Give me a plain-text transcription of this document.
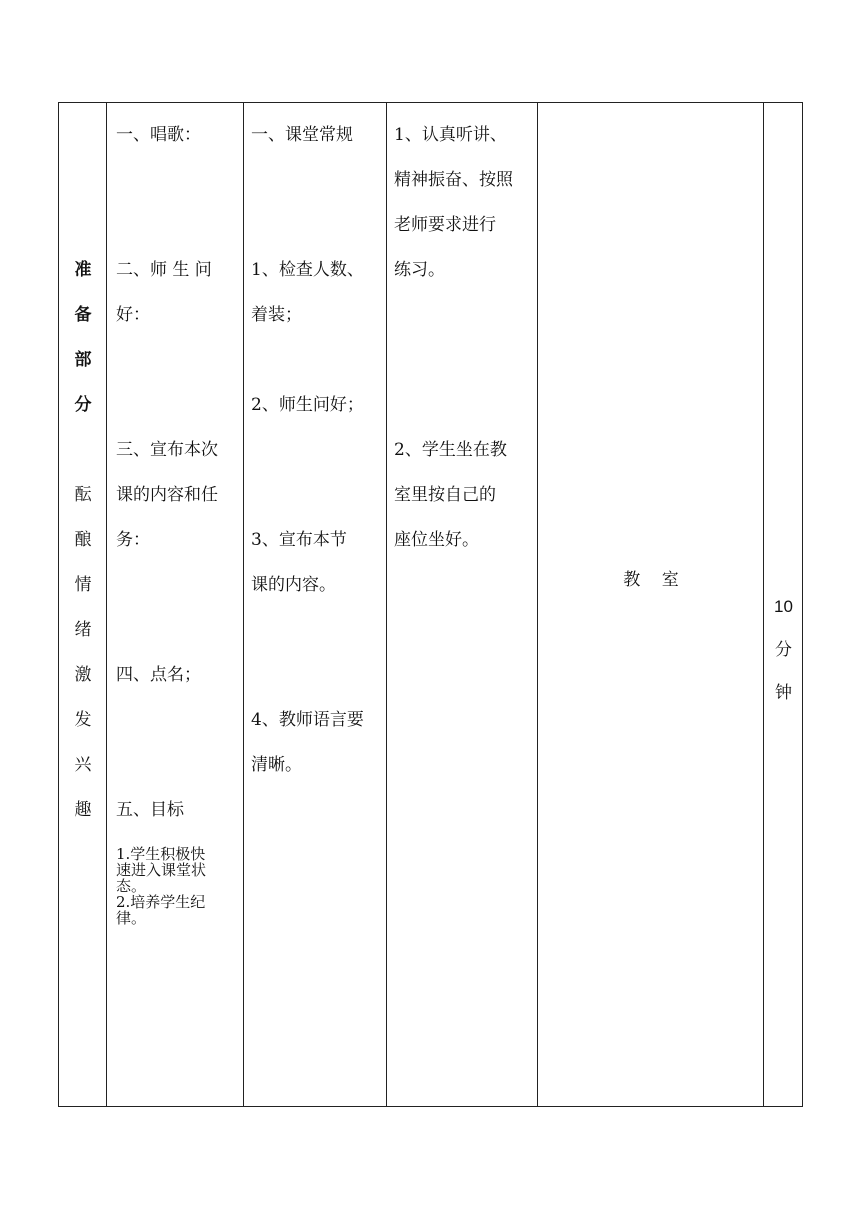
准
备
部
分
酝
酿
情
绪
激
发
兴
趣

一、唱歌：
二、师 生 问
好：
三、宣布本次
课的内容和任
务：
四、点名；
五、目标
1.学生积极快
速进入课堂状
态。
2.培养学生纪
律。

一、课堂常规
1、检查人数、
着装；
2、师生问好；
3、宣布本节
课的内容。
4、教师语言要
清晰。

1、认真听讲、
精神振奋、按照
老师要求进行
练习。
2、学生坐在教
室里按自己的
座位坐好。

教    室

10
分
钟
